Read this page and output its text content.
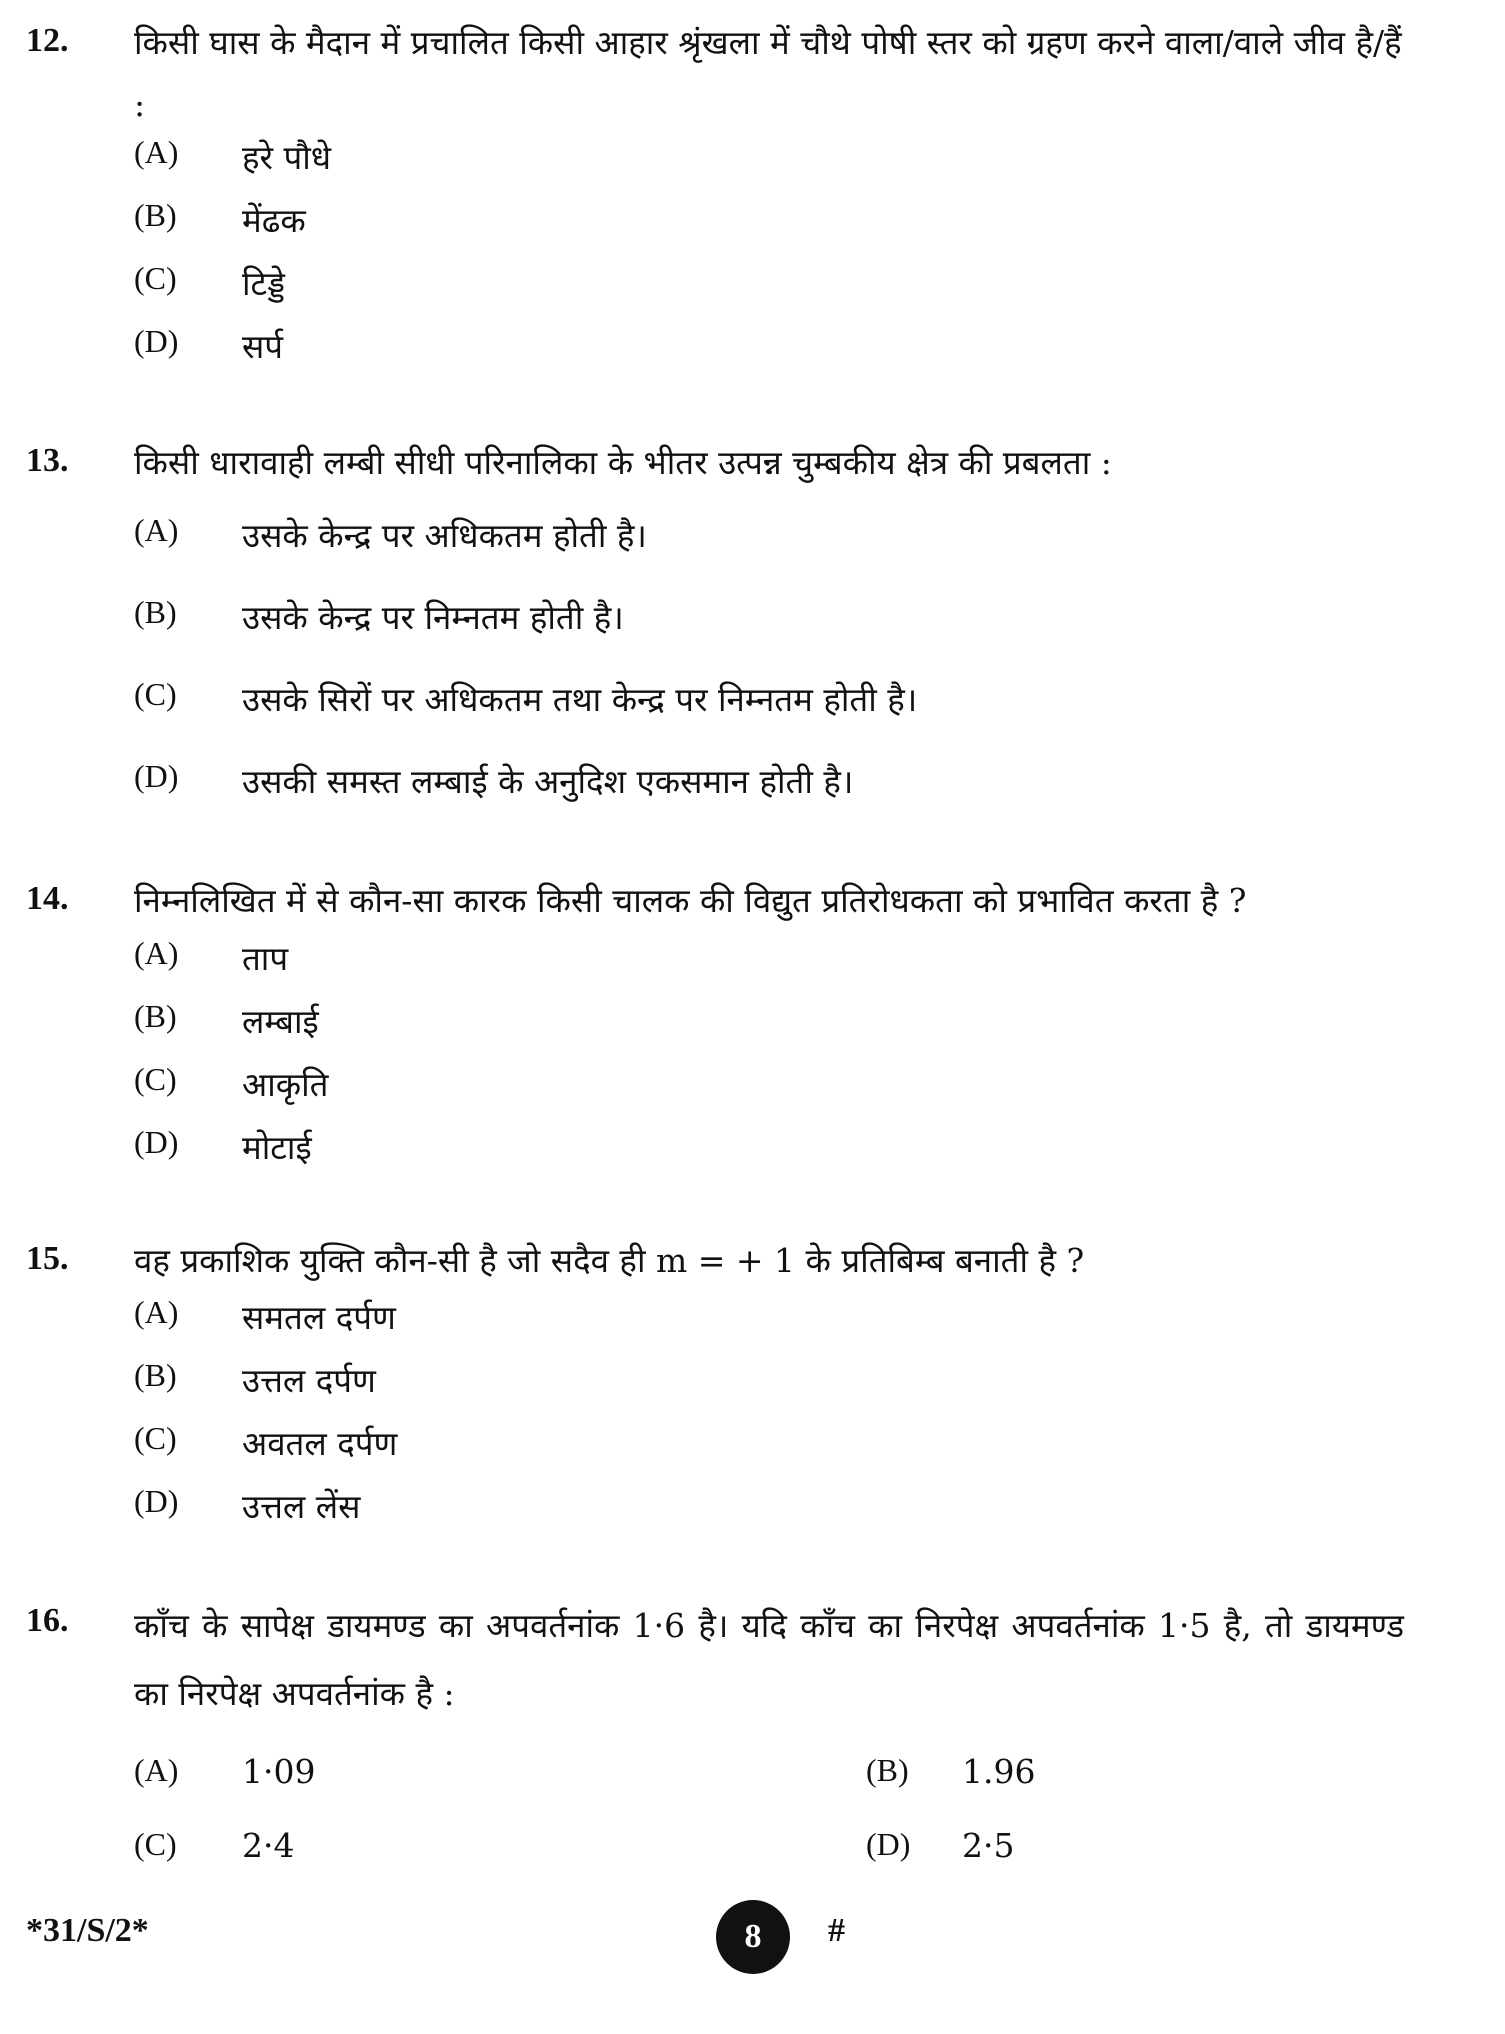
12. किसी घास के मैदान में प्रचालित किसी आहार श्रृंखला में चौथे पोषी स्तर को ग्रहण करने वाला/वाले जीव है/हैं :
(A) हरे पौधे
(B) मेंढक
(C) टिड्डे
(D) सर्प
13. किसी धारावाही लम्बी सीधी परिनालिका के भीतर उत्पन्न चुम्बकीय क्षेत्र की प्रबलता :
(A) उसके केन्द्र पर अधिकतम होती है।
(B) उसके केन्द्र पर निम्नतम होती है।
(C) उसके सिरों पर अधिकतम तथा केन्द्र पर निम्नतम होती है।
(D) उसकी समस्त लम्बाई के अनुदिश एकसमान होती है।
14. निम्नलिखित में से कौन-सा कारक किसी चालक की विद्युत प्रतिरोधकता को प्रभावित करता है ?
(A) ताप
(B) लम्बाई
(C) आकृति
(D) मोटाई
15. वह प्रकाशिक युक्ति कौन-सी है जो सदैव ही m = + 1 के प्रतिबिम्ब बनाती है ?
(A) समतल दर्पण
(B) उत्तल दर्पण
(C) अवतल दर्पण
(D) उत्तल लेंस
16. काँच के सापेक्ष डायमण्ड का अपवर्तनांक 1·6 है। यदि काँच का निरपेक्ष अपवर्तनांक 1·5 है, तो डायमण्ड का निरपेक्ष अपवर्तनांक है :
(A) 1·09	(B) 1.96
(C) 2·4	(D) 2·5
*31/S/2*	8	#
